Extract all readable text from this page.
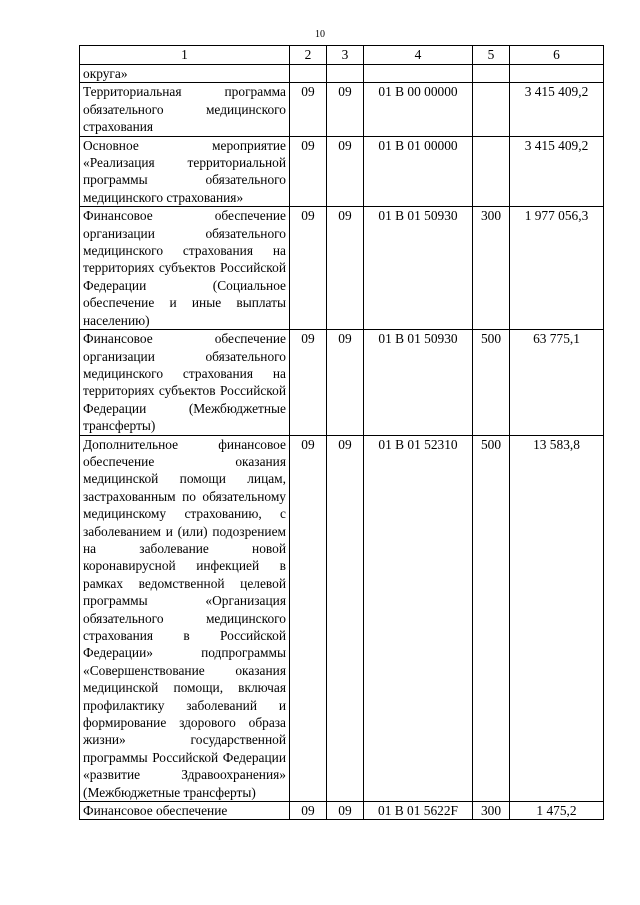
10
1	2	3	4	5	6
округа»					
Территориальная программа обязательного медицинского страхования	09	09	01 В 00 00000		3 415 409,2
Основное мероприятие «Реализация территориальной программы обязательного медицинского страхования»	09	09	01 В 01 00000		3 415 409,2
Финансовое обеспечение организации обязательного медицинского страхования на территориях субъектов Российской Федерации (Социальное обеспечение и иные выплаты населению)	09	09	01 В 01 50930	300	1 977 056,3
Финансовое обеспечение организации обязательного медицинского страхования на территориях субъектов Российской Федерации (Межбюджетные трансферты)	09	09	01 В 01 50930	500	63 775,1
Дополнительное финансовое обеспечение оказания медицинской помощи лицам, застрахованным по обязательному медицинскому страхованию, с заболеванием и (или) подозрением на заболевание новой коронавирусной инфекцией в рамках ведомственной целевой программы «Организация обязательного медицинского страхования в Российской Федерации» подпрограммы «Совершенствование оказания медицинской помощи, включая профилактику заболеваний и формирование здорового образа жизни» государственной программы Российской Федерации «развитие Здравоохранения» (Межбюджетные трансферты)	09	09	01 В 01 52310	500	13 583,8
Финансовое обеспечение	09	09	01 В 01 5622F	300	1 475,2
